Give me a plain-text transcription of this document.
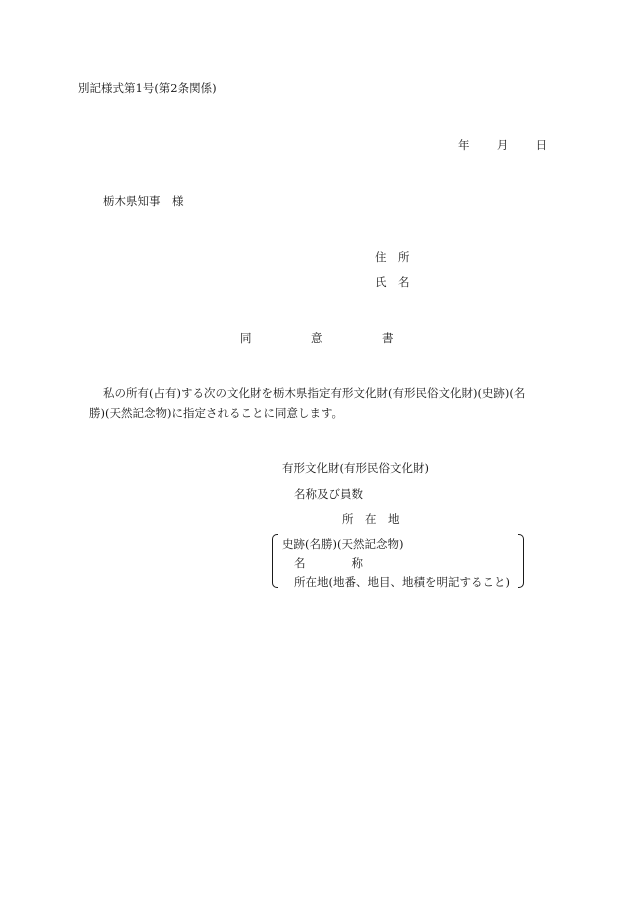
別記様式第1号(第2条関係)
年 月 日
栃木県知事　様
住　所
氏　名
同	意	書
私の所有(占有)する次の文化財を栃木県指定有形文化財(有形民俗文化財)(史跡)(名
勝)(天然記念物)に指定されることに同意します。
有形文化財(有形民俗文化財)
名称及び員数
所　在　地
史跡(名勝)(天然記念物)
名　　　　称
所在地(地番、地目、地積を明記すること)
